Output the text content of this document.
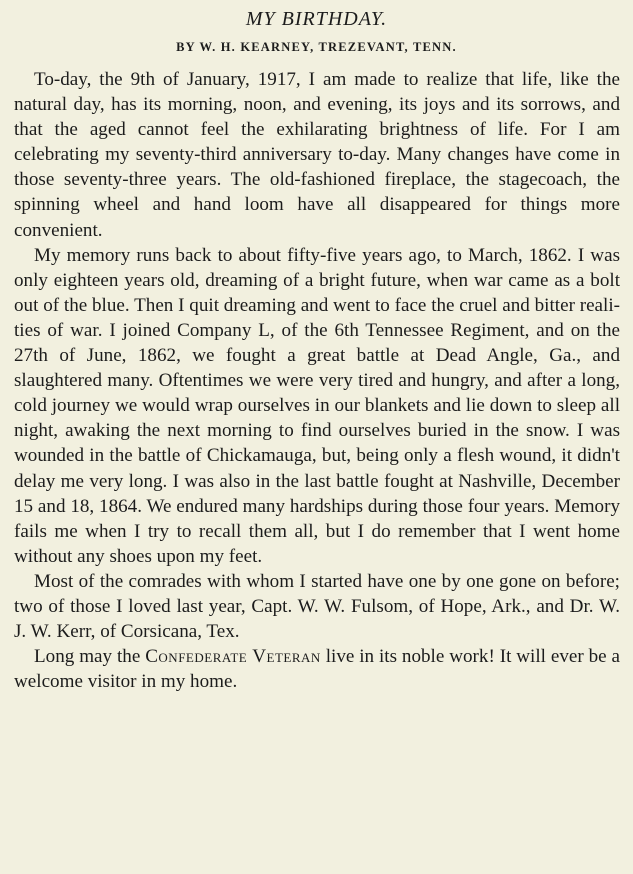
MY BIRTHDAY.
BY W. H. KEARNEY, TREZEVANT, TENN.

To-day, the 9th of January, 1917, I am made to realize that life, like the natural day, has its morning, noon, and evening, its joys and its sorrows, and that the aged cannot feel the exhilarating brightness of life. For I am celebrating my seventy-third anniversary to-day. Many changes have come in those seventy-three years. The old-fashioned fireplace, the stagecoach, the spinning wheel and hand loom have all disappeared for things more convenient.

My memory runs back to about fifty-five years ago, to March, 1862. I was only eighteen years old, dreaming of a bright future, when war came as a bolt out of the blue. Then I quit dreaming and went to face the cruel and bitter realities of war. I joined Company L, of the 6th Tennessee Regiment, and on the 27th of June, 1862, we fought a great battle at Dead Angle, Ga., and slaughtered many. Oftentimes we were very tired and hungry, and after a long, cold journey we would wrap ourselves in our blankets and lie down to sleep all night, awaking the next morning to find ourselves buried in the snow. I was wounded in the battle of Chickamauga, but, being only a flesh wound, it didn't delay me very long. I was also in the last battle fought at Nashville, December 15 and 18, 1864. We endured many hardships during those four years. Memory fails me when I try to recall them all, but I do remember that I went home without any shoes upon my feet.

Most of the comrades with whom I started have one by one gone on before; two of those I loved last year, Capt. W. W. Fulsom, of Hope, Ark., and Dr. W. J. W. Kerr, of Corsicana, Tex.

Long may the Confederate Veteran live in its noble work! It will ever be a welcome visitor in my home.
